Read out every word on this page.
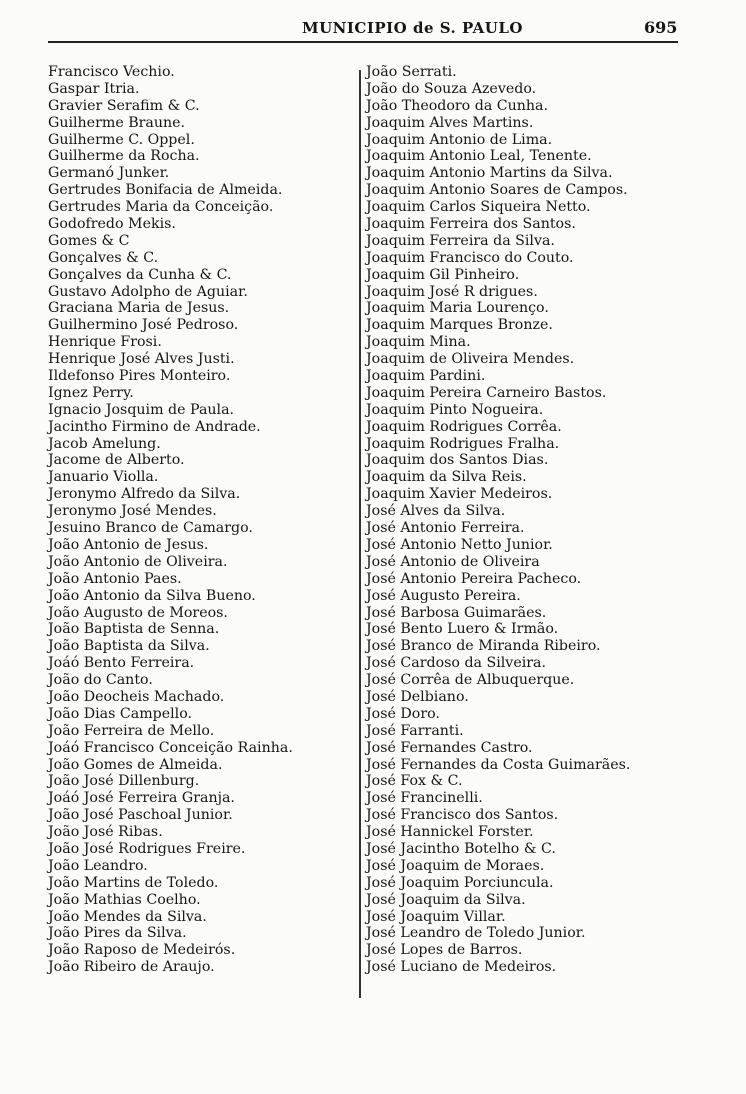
MUNICIPIO de S. PAULO	695
Francisco Vechio.
Gaspar Itria.
Gravier Serafim & C.
Guilherme Braune.
Guilherme C. Oppel.
Guilherme da Rocha.
Germanó Junker.
Gertrudes Bonifacia de Almeida.
Gertrudes Maria da Conceição.
Godofredo Mekis.
Gomes & C
Gonçalves & C.
Gonçalves da Cunha & C.
Gustavo Adolpho de Aguiar.
Graciana Maria de Jesus.
Guilhermino José Pedroso.
Henrique Frosi.
Henrique José Alves Justi.
Ildefonso Pires Monteiro.
Ignez Perry.
Ignacio Josquim de Paula.
Jacintho Firmino de Andrade.
Jacob Amelung.
Jacome de Alberto.
Januario Violla.
Jeronymo Alfredo da Silva.
Jeronymo José Mendes.
Jesuino Branco de Camargo.
João Antonio de Jesus.
João Antonio de Oliveira.
João Antonio Paes.
João Antonio da Silva Bueno.
João Augusto de Moreos.
João Baptista de Senna.
João Baptista da Silva.
Joáó Bento Ferreira.
João do Canto.
João Deocheis Machado.
João Dias Campello.
João Ferreira de Mello.
Joáó Francisco Conceição Rainha.
João Gomes de Almeida.
João José Dillenburg.
Joáó José Ferreira Granja.
João José Paschoal Junior.
João José Ribas.
João José Rodrigues Freire.
João Leandro.
João Martins de Toledo.
João Mathias Coelho.
João Mendes da Silva.
João Pires da Silva.
João Raposo de Medeirós.
João Ribeiro de Araujo.
João Serrati.
João do Souza Azevedo.
João Theodoro da Cunha.
Joaquim Alves Martins.
Joaquim Antonio de Lima.
Joaquim Antonio Leal, Tenente.
Joaquim Antonio Martins da Silva.
Joaquim Antonio Soares de Campos.
Joaquim Carlos Siqueira Netto.
Joaquim Ferreira dos Santos.
Joaquim Ferreira da Silva.
Joaquim Francisco do Couto.
Joaquim Gil Pinheiro.
Joaquim José R drigues.
Joaquim Maria Lourenço.
Joaquim Marques Bronze.
Joaquim Mina.
Joaquim de Oliveira Mendes.
Joaquim Pardini.
Joaquim Pereira Carneiro Bastos.
Joaquim Pinto Nogueira.
Joaquim Rodrigues Corrêa.
Joaquim Rodrigues Fralha.
Joaquim dos Santos Dias.
Joaquim da Silva Reis.
Joaquim Xavier Medeiros.
José Alves da Silva.
José Antonio Ferreira.
José Antonio Netto Junior.
José Antonio de Oliveira
José Antonio Pereira Pacheco.
José Augusto Pereira.
José Barbosa Guimarães.
José Bento Luero & Irmão.
José Branco de Miranda Ribeiro.
José Cardoso da Silveira.
José Corrêa de Albuquerque.
José Delbiano.
José Doro.
José Farranti.
José Fernandes Castro.
José Fernandes da Costa Guimarães.
José Fox & C.
José Francinelli.
José Francisco dos Santos.
José Hannickel Forster.
José Jacintho Botelho & C.
José Joaquim de Moraes.
José Joaquim Porciuncula.
José Joaquim da Silva.
José Joaquim Villar.
José Leandro de Toledo Junior.
José Lopes de Barros.
José Luciano de Medeiros.
